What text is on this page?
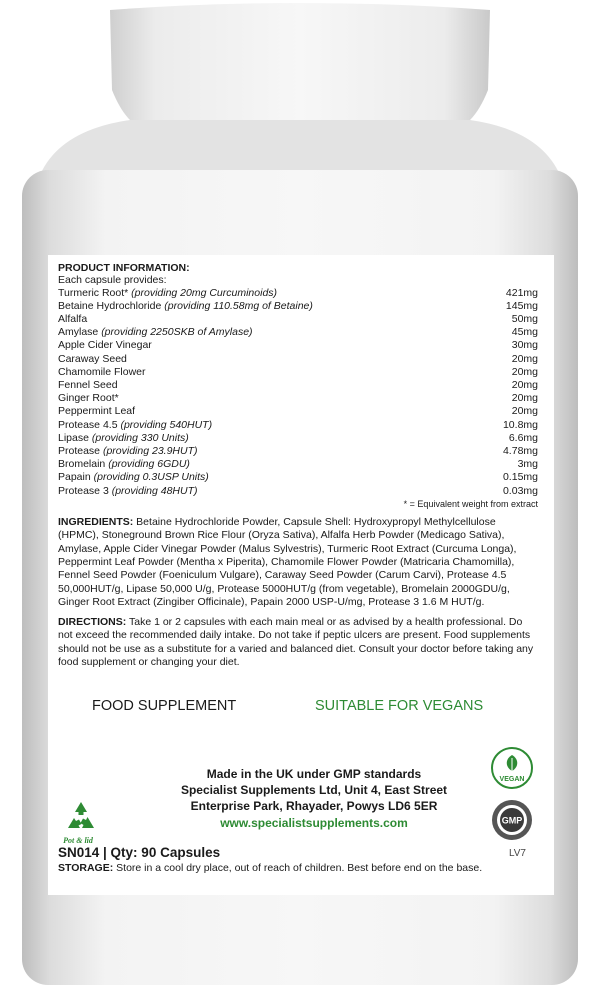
PRODUCT INFORMATION:
Each capsule provides:
Turmeric Root* (providing 20mg Curcuminoids)	421mg
Betaine Hydrochloride (providing 110.58mg of Betaine)	145mg
Alfalfa	50mg
Amylase (providing 2250SKB of Amylase)	45mg
Apple Cider Vinegar	30mg
Caraway Seed	20mg
Chamomile Flower	20mg
Fennel Seed	20mg
Ginger Root*	20mg
Peppermint Leaf	20mg
Protease 4.5 (providing 540HUT)	10.8mg
Lipase (providing 330 Units)	6.6mg
Protease (providing 23.9HUT)	4.78mg
Bromelain (providing 6GDU)	3mg
Papain (providing 0.3USP Units)	0.15mg
Protease 3 (providing 48HUT)	0.03mg
* = Equivalent weight from extract
INGREDIENTS: Betaine Hydrochloride Powder, Capsule Shell: Hydroxypropyl Methylcellulose (HPMC), Stoneground Brown Rice Flour (Oryza Sativa), Alfalfa Herb Powder (Medicago Sativa), Amylase, Apple Cider Vinegar Powder (Malus Sylvestris), Turmeric Root Extract (Curcuma Longa), Peppermint Leaf Powder (Mentha x Piperita), Chamomile Flower Powder (Matricaria Chamomilla), Fennel Seed Powder (Foeniculum Vulgare), Caraway Seed Powder (Carum Carvi), Protease 4.5 50,000HUT/g, Lipase 50,000 U/g, Protease 5000HUT/g (from vegetable), Bromelain 2000GDU/g, Ginger Root Extract (Zingiber Officinale), Papain 2000 USP-U/mg, Protease 3 1.6 M HUT/g.
DIRECTIONS: Take 1 or 2 capsules with each main meal or as advised by a health professional. Do not exceed the recommended daily intake. Do not take if peptic ulcers are present. Food supplements should not be use as a substitute for a varied and balanced diet. Consult your doctor before taking any food supplement or changing your diet.
FOOD SUPPLEMENT	SUITABLE FOR VEGANS
Made in the UK under GMP standards
Specialist Supplements Ltd, Unit 4, East Street
Enterprise Park, Rhayader, Powys LD6 5ER
www.specialistsupplements.com
Pot & lid
VEGAN
GMP
SN014 | Qty: 90 Capsules	LV7
STORAGE: Store in a cool dry place, out of reach of children. Best before end on the base.
